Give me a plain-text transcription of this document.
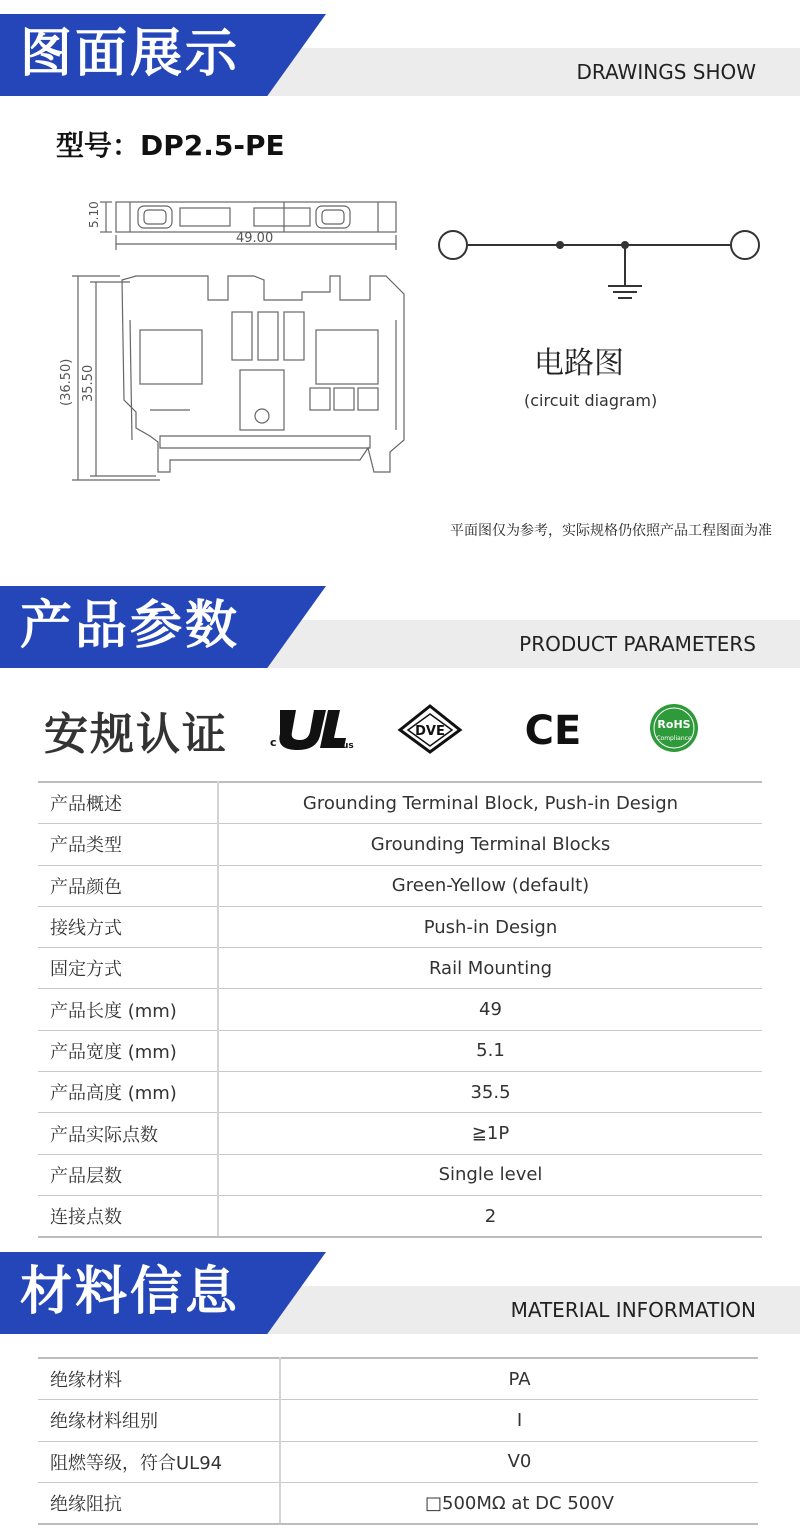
图面展示	DRAWINGS SHOW
型号：DP2.5-PE
5.10
49.00
(36.50) 35.50
电路图
(circuit diagram)
平面图仅为参考，实际规格仍依照产品工程图面为准
产品参数	PRODUCT PARAMETERS
安规认证	c	us
DVE CE	RoHS
Compliance
产品概述	Grounding Terminal Block, Push-in Design
产品类型	Grounding Terminal Blocks
产品颜色	Green-Yellow (default)
接线方式	Push-in Design
固定方式	Rail Mounting
产品长度 (mm)	49
产品宽度 (mm)	5.1
产品高度 (mm)	35.5
产品实际点数	≧1P
产品层数	Single level
连接点数	2
材料信息	MATERIAL INFORMATION
绝缘材料	PA
绝缘材料组别	I
阻燃等级，符合UL94	V0
绝缘阻抗	□500MΩ at DC 500V
